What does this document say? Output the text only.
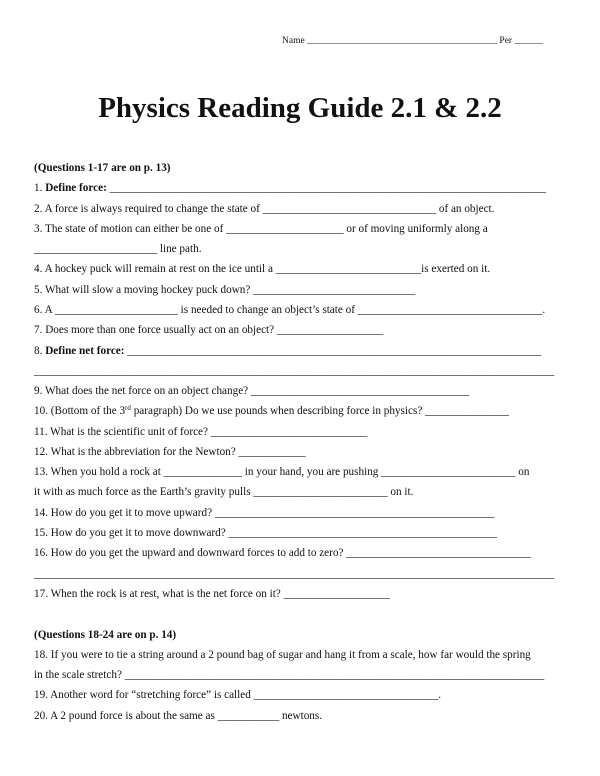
Name ________________________________________ Per ______
Physics Reading Guide 2.1 & 2.2
(Questions 1-17 are on p. 13)
1. Define force: ______________________________________________________________________________
2. A force is always required to change the state of _______________________________ of an object.
3. The state of motion can either be one of _____________________ or of moving uniformly along a
______________________ line path.
4. A hockey puck will remain at rest on the ice until a __________________________is exerted on it.
5. What will slow a moving hockey puck down? _____________________________
6. A ______________________ is needed to change an object’s state of _________________________________.
7. Does more than one force usually act on an object? ___________________
8. Define net force: __________________________________________________________________________
_____________________________________________________________________________________________
9. What does the net force on an object change? _______________________________________
10. (Bottom of the 3rd paragraph) Do we use pounds when describing force in physics? _______________
11. What is the scientific unit of force? ____________________________
12. What is the abbreviation for the Newton? ____________
13. When you hold a rock at ______________ in your hand, you are pushing ________________________ on
it with as much force as the Earth’s gravity pulls ________________________ on it.
14. How do you get it to move upward? __________________________________________________
15. How do you get it to move downward? ________________________________________________
16. How do you get the upward and downward forces to add to zero? _________________________________
_____________________________________________________________________________________________
17. When the rock is at rest, what is the net force on it? ___________________
(Questions 18-24 are on p. 14)
18. If you were to tie a string around a 2 pound bag of sugar and hang it from a scale, how far would the spring
in the scale stretch? ___________________________________________________________________________
19. Another word for “stretching force” is called _________________________________.
20. A 2 pound force is about the same as ___________ newtons.
